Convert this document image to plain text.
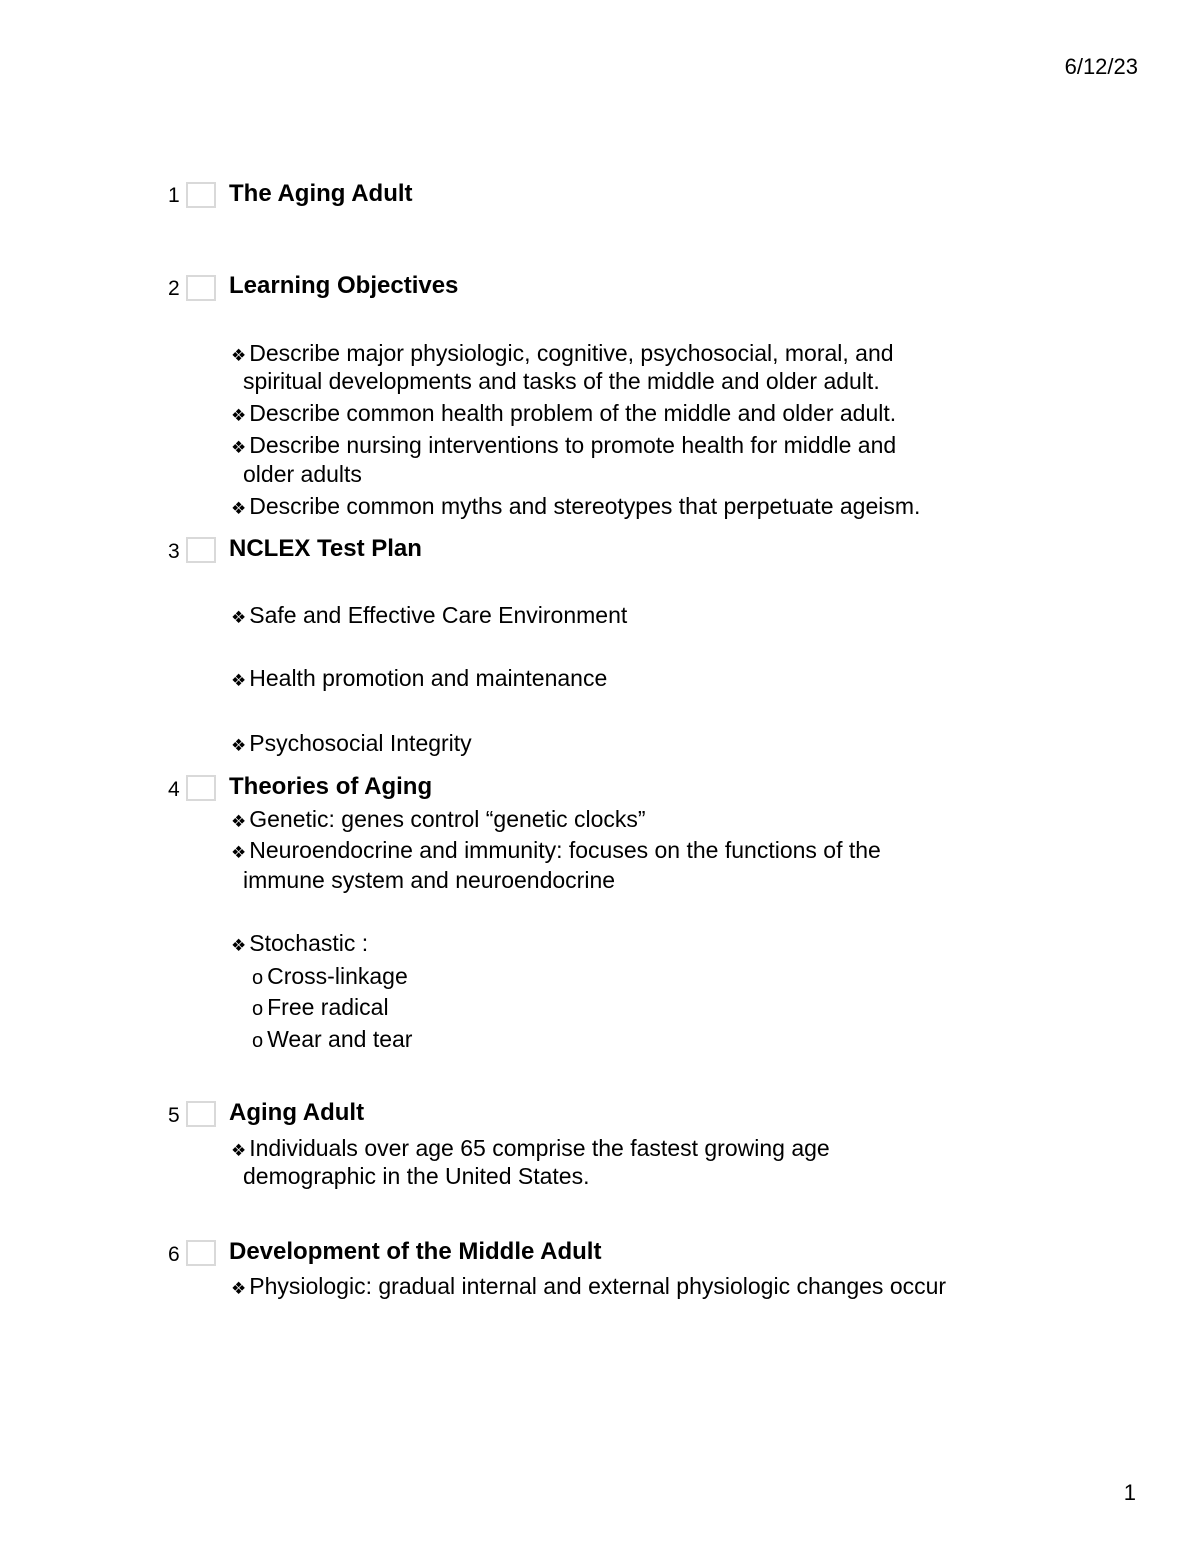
6/12/23
1 The Aging Adult
2 Learning Objectives
❖ Describe major physiologic, cognitive, psychosocial, moral, and
spiritual developments and tasks of the middle and older adult.
❖ Describe common health problem of the middle and older adult.
❖ Describe nursing interventions to promote health for middle and
older adults
❖ Describe common myths and stereotypes that perpetuate ageism.
3 NCLEX Test Plan
❖ Safe and Effective Care Environment
❖ Health promotion and maintenance
❖ Psychosocial Integrity
4 Theories of Aging
❖ Genetic: genes control “genetic clocks”
❖ Neuroendocrine and immunity: focuses on the functions of the
immune system and neuroendocrine
❖ Stochastic :
o Cross-linkage
o Free radical
o Wear and tear
5 Aging Adult
❖ Individuals over age 65 comprise the fastest growing age
demographic in the United States.
6 Development of the Middle Adult
❖ Physiologic: gradual internal and external physiologic changes occur
1
